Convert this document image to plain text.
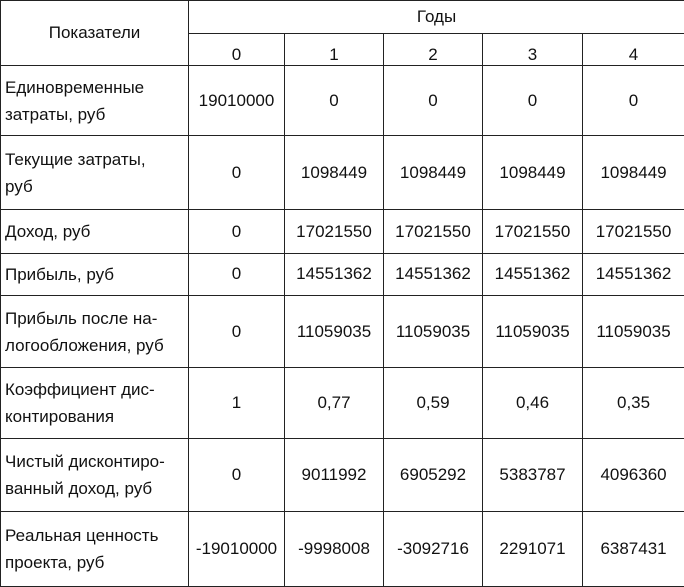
Показатели	Годы				
	0	1	2	3	4
Единовременные
затраты, руб	19010000	0	0	0	0
Текущие затраты,
руб	0	1098449	1098449	1098449	1098449
Доход, руб	0	17021550	17021550	17021550	17021550
Прибыль, руб	0	14551362	14551362	14551362	14551362
Прибыль после на-
логообложения, руб	0	11059035	11059035	11059035	11059035
Коэффициент дис-
контирования	1	0,77	0,59	0,46	0,35
Чистый дисконтиро-
ванный доход, руб	0	9011992	6905292	5383787	4096360
Реальная ценность
проекта, руб	-19010000	-9998008	-3092716	2291071	6387431
